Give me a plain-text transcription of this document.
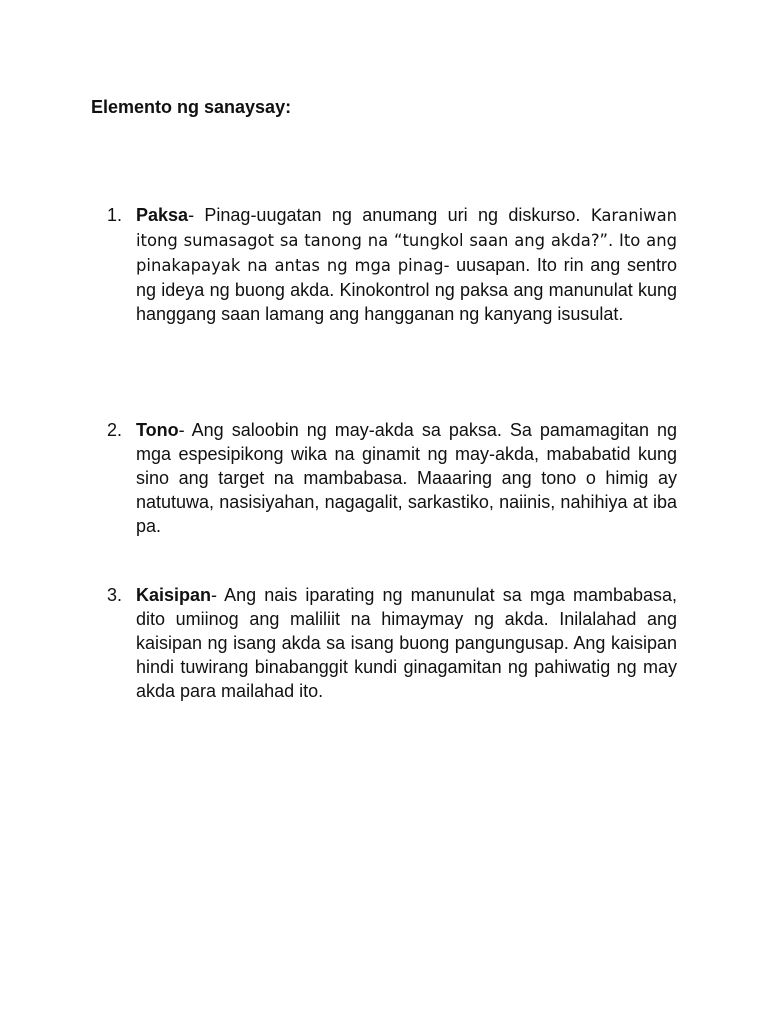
Elemento ng sanaysay:
1. Paksa- Pinag-uugatan ng anumang uri ng diskurso. Karaniwan itong sumasagot sa tanong na “tungkol saan ang akda?”. Ito ang pinakapayak na antas ng mga pinag- uusapan. Ito rin ang sentro ng ideya ng buong akda. Kinokontrol ng paksa ang manunulat kung hanggang saan lamang ang hangganan ng kanyang isusulat.
2. Tono- Ang saloobin ng may-akda sa paksa. Sa pamamagitan ng mga espesipikong wika na ginamit ng may-akda, mababatid kung sino ang target na mambabasa. Maaaring ang tono o himig ay natutuwa, nasisiyahan, nagagalit, sarkastiko, naiinis, nahihiya at iba pa.
3. Kaisipan- Ang nais iparating ng manunulat sa mga mambabasa, dito umiinog ang maliliit na himaymay ng akda. Inilalahad ang kaisipan ng isang akda sa isang buong pangungusap. Ang kaisipan hindi tuwirang binabanggit kundi ginagamitan ng pahiwatig ng may akda para mailahad ito.
